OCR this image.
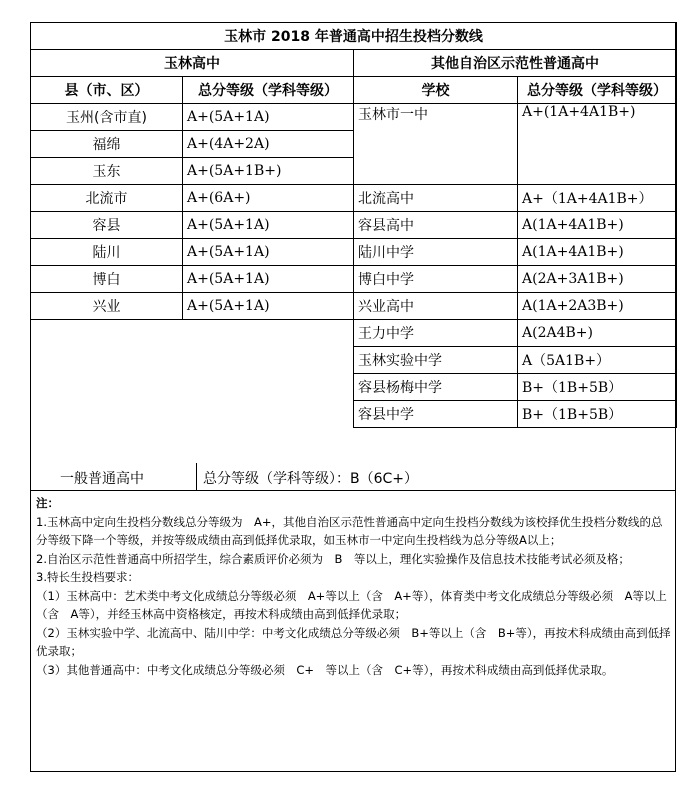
玉林市 2018 年普通高中招生投档分数线			
玉林高中		其他自治区示范性普通高中	
县（市、区）	总分等级（学科等级）	学校	总分等级（学科等级）
玉州(含市直)	A+(5A+1A)	玉林市一中	A+(1A+4A1B+)
福绵	A+(4A+2A)		
玉东	A+(5A+1B+)		
北流市	A+(6A+)	北流高中	A+（1A+4A1B+）
容县	A+(5A+1A)	容县高中	A(1A+4A1B+)
陆川	A+(5A+1A)	陆川中学	A(1A+4A1B+)
博白	A+(5A+1A)	博白中学	A(2A+3A1B+)
兴业	A+(5A+1A)	兴业高中	A(1A+2A3B+)
		王力中学	A(2A4B+)
		玉林实验中学	A（5A1B+）
		容县杨梅中学	B+（1B+5B）
		容县中学	B+（1B+5B）
一般普通高中	总分等级（学科等级）：B（6C+）

注：

1.玉林高中定向生投档分数线总分等级为　A+，其他自治区示范性普通高中定向生投档分数线为该校择优生投档分数线的总分等级下降一个等级，并按等级成绩由高到低择优录取，如玉林市一中定向生投档线为总分等级A以上；

2.自治区示范性普通高中所招学生，综合素质评价必须为　B　等以上，理化实验操作及信息技术技能考试必须及格；

3.特长生投档要求：

（1）玉林高中：艺术类中考文化成绩总分等级必须　A+等以上（含　A+等），体育类中考文化成绩总分等级必须　A等以上（含　A等），并经玉林高中资格核定，再按术科成绩由高到低择优录取；

（2）玉林实验中学、北流高中、陆川中学：中考文化成绩总分等级必须　B+等以上（含　B+等），再按术科成绩由高到低择优录取；

（3）其他普通高中：中考文化成绩总分等级必须　C+　等以上（含　C+等），再按术科成绩由高到低择优录取。
